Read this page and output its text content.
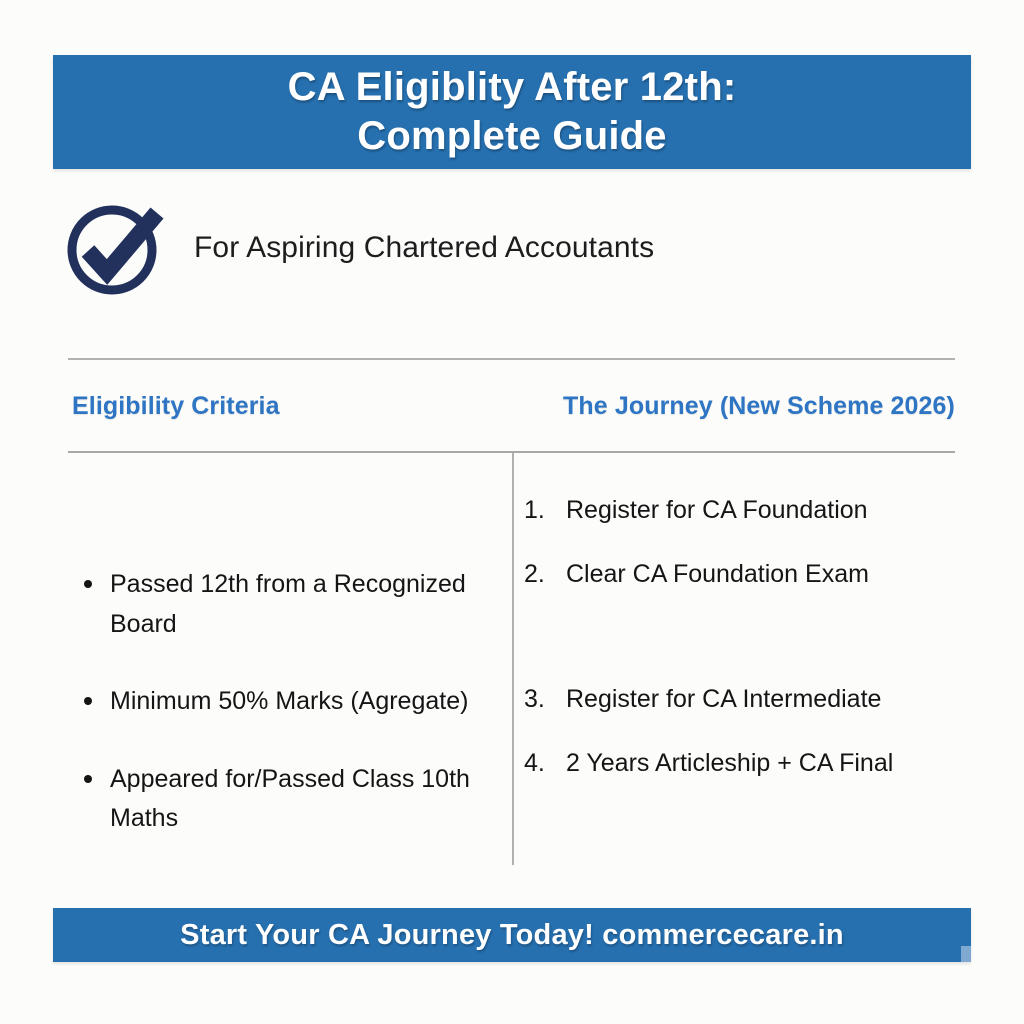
CA Eligiblity After 12th:
Complete Guide
For Aspiring Chartered Accoutants
Eligibility Criteria	The Journey (New Scheme 2026)
Passed 12th from a Recognized Board
Minimum 50% Marks (Agregate)
Appeared for/Passed Class 10th Maths
1. Register for CA Foundation
2. Clear CA Foundation Exam
3. Register for CA Intermediate
4. 2 Years Articleship + CA Final
Start Your CA Journey Today! commercecare.in
